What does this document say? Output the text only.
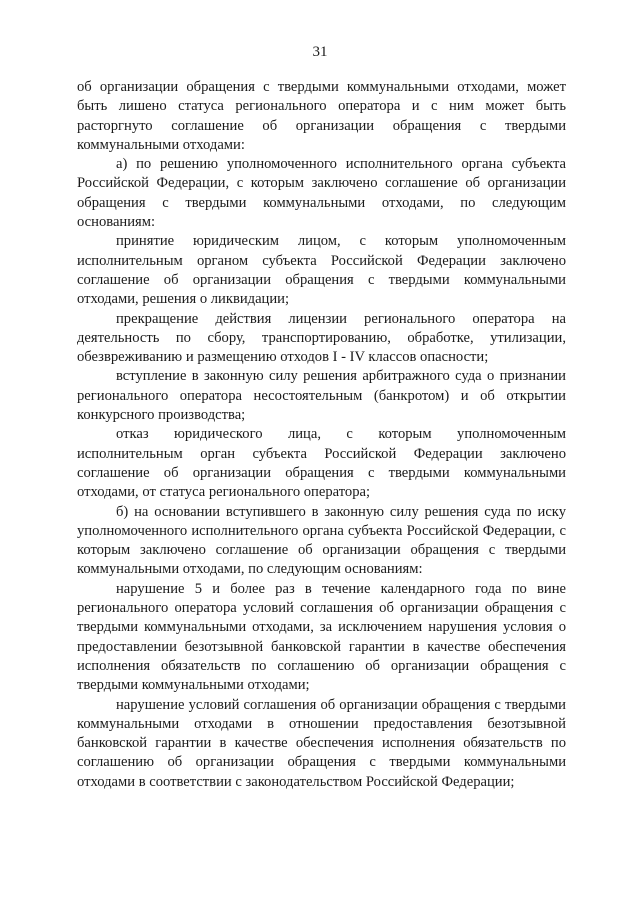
31

об организации обращения с твердыми коммунальными отходами, может быть лишено статуса регионального оператора и с ним может быть расторгнуто соглашение об организации обращения с твердыми коммунальными отходами:

а) по решению уполномоченного исполнительного органа субъекта Российской Федерации, с которым заключено соглашение об организации обращения с твердыми коммунальными отходами, по следующим основаниям:

принятие юридическим лицом, с которым уполномоченным исполнительным органом субъекта Российской Федерации заключено соглашение об организации обращения с твердыми коммунальными отходами, решения о ликвидации;

прекращение действия лицензии регионального оператора на деятельность по сбору, транспортированию, обработке, утилизации, обезвреживанию и размещению отходов I - IV классов опасности;

вступление в законную силу решения арбитражного суда о признании регионального оператора несостоятельным (банкротом) и об открытии конкурсного производства;

отказ юридического лица, с которым уполномоченным исполнительным орган субъекта Российской Федерации заключено соглашение об организации обращения с твердыми коммунальными отходами, от статуса регионального оператора;

б) на основании вступившего в законную силу решения суда по иску уполномоченного исполнительного органа субъекта Российской Федерации, с которым заключено соглашение об организации обращения с твердыми коммунальными отходами, по следующим основаниям:

нарушение 5 и более раз в течение календарного года по вине регионального оператора условий соглашения об организации обращения с твердыми коммунальными отходами, за исключением нарушения условия о предоставлении безотзывной банковской гарантии в качестве обеспечения исполнения обязательств по соглашению об организации обращения с твердыми коммунальными отходами;

нарушение условий соглашения об организации обращения с твердыми коммунальными отходами в отношении предоставления безотзывной банковской гарантии в качестве обеспечения исполнения обязательств по соглашению об организации обращения с твердыми коммунальными отходами в соответствии с законодательством Российской Федерации;
